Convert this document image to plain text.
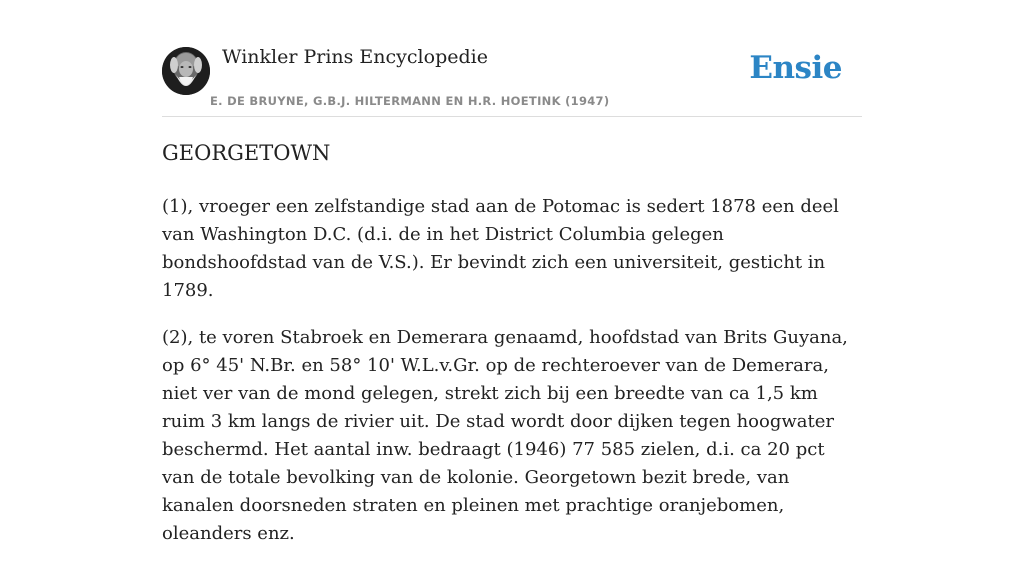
Winkler Prins Encyclopedie
E. DE BRUYNE, G.B.J. HILTERMANN EN H.R. HOETINK (1947)
Ensie
GEORGETOWN

(1), vroeger een zelfstandige stad aan de Potomac is sedert 1878 een deel van Washington D.C. (d.i. de in het District Columbia gelegen bondshoofdstad van de V.S.). Er bevindt zich een universiteit, gesticht in 1789.

(2), te voren Stabroek en Demerara genaamd, hoofdstad van Brits Guyana, op 6° 45' N.Br. en 58° 10' W.L.v.Gr. op de rechteroever van de Demerara, niet ver van de mond gelegen, strekt zich bij een breedte van ca 1,5 km ruim 3 km langs de rivier uit. De stad wordt door dijken tegen hoogwater beschermd. Het aantal inw. bedraagt (1946) 77 585 zielen, d.i. ca 20 pct van de totale bevolking van de kolonie. Georgetown bezit brede, van kanalen doorsneden straten en pleinen met prachtige oranjebomen, oleanders enz.
